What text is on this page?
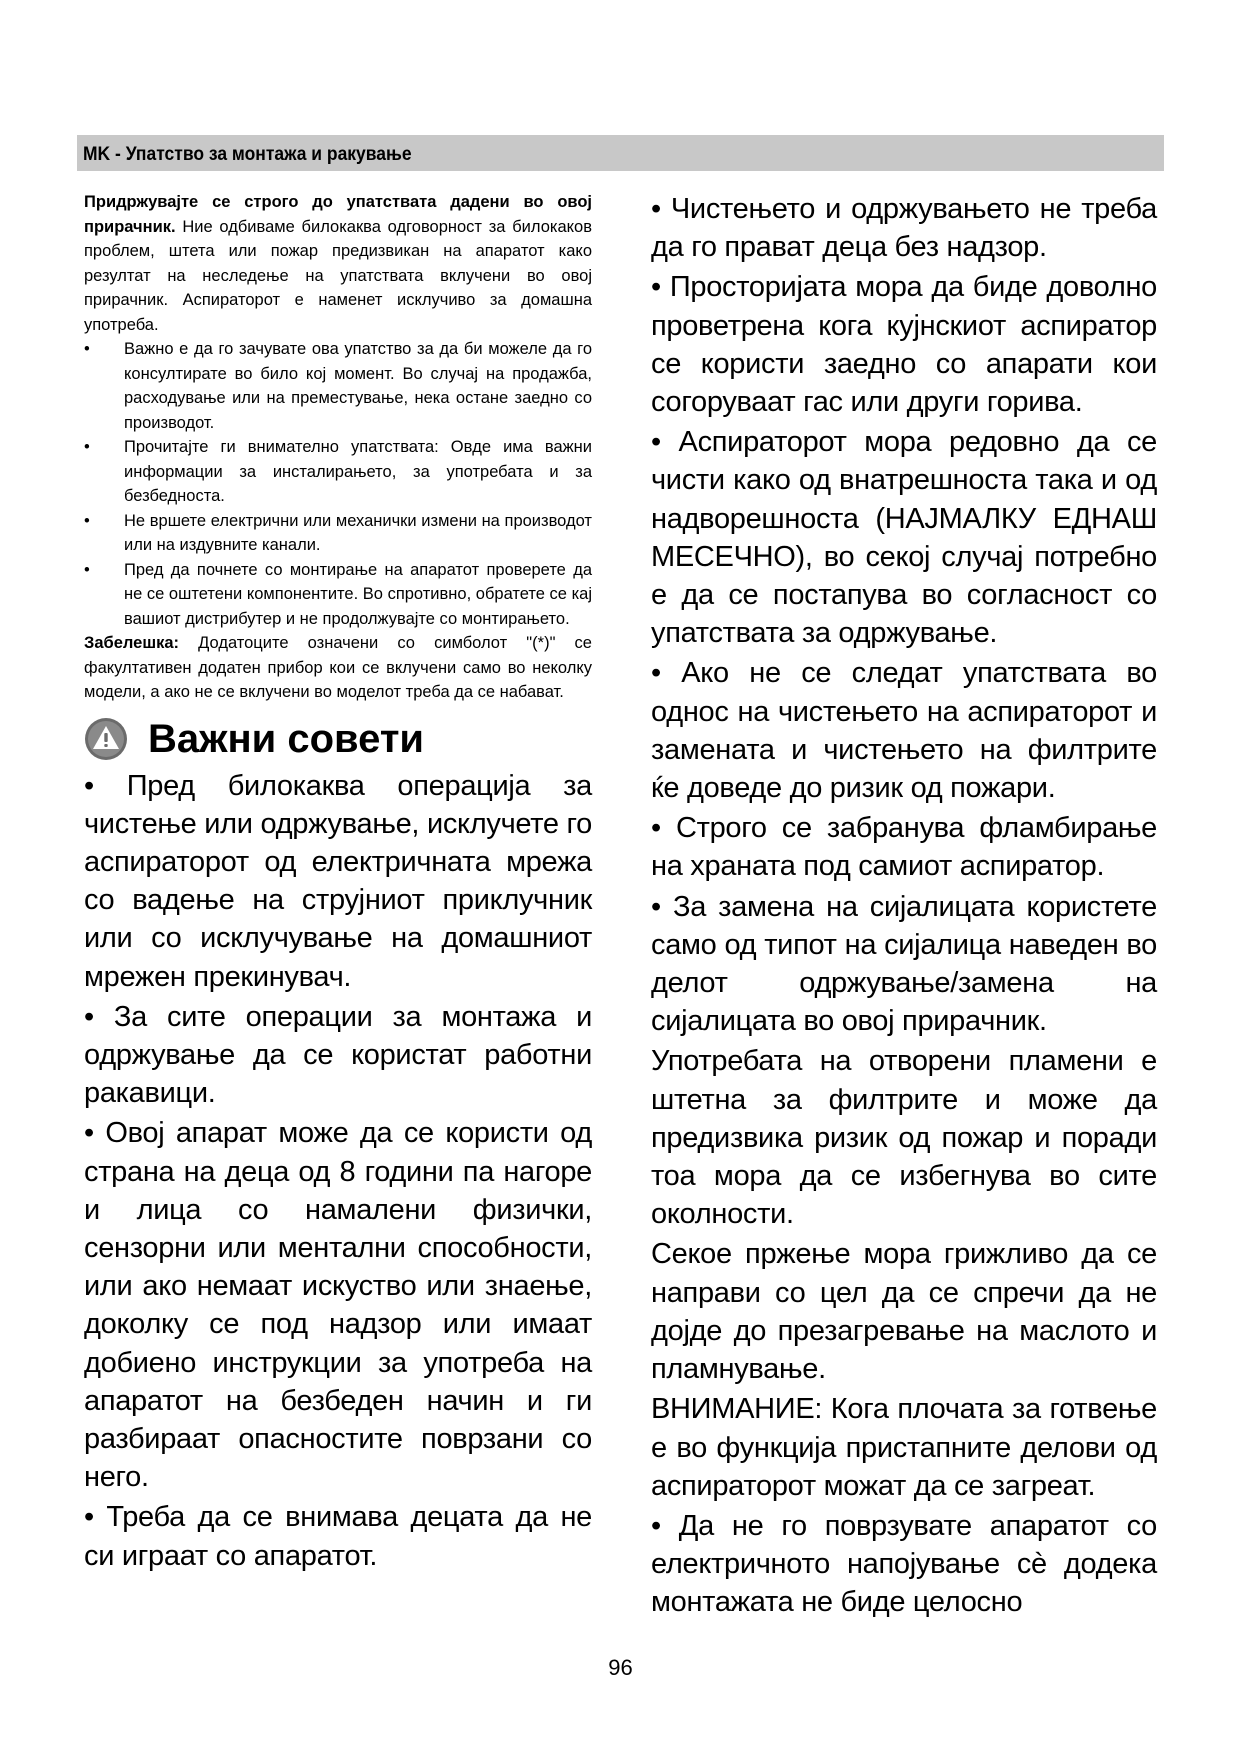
MK - Упатство за монтажа и ракување

Придржувајте се строго до упатствата дадени во овој прирачник. Ние одбиваме билокаква одговорност за билокаков проблем, штета или пожар предизвикан на апаратот како резултат на неследење на упатствата вклучени во овој прирачник. Аспираторот е наменет исклучиво за домашна употреба.

• Важно е да го зачувате ова упатство за да би можеле да го консултирате во било кој момент. Во случај на продажба, расходување или на преместување, нека остане заедно со производот.
• Прочитајте ги внимателно упатствата: Овде има важни информации за инсталирањето, за употребата и за безбедноста.
• Не вршете електрични или механички измени на производот или на издувните канали.
• Пред да почнете со монтирање на апаратот проверете да не се оштетени компонентите. Во спротивно, обратете се кај вашиот дистрибутер и не продолжувајте со монтирањето.

Забелешка: Додатоците означени со симболот "(*)" се факултативен додатен прибор кои се вклучени само во неколку модели, а ако не се вклучени во моделот треба да се набават.

Важни совети

• Пред билокаква операција за чистење или одржување, исклучете го аспираторот од електричната мрежа со вадење на струјниот приклучник или со исклучување на домашниот мрежен прекинувач.

• За сите операции за монтажа и одржување да се користат работни ракавици.

• Овој апарат може да се користи од страна на деца од 8 години па нагоре и лица со намалени физички, сензорни или ментални способности, или ако немаат искуство или знаење, доколку се под надзор или имаат добиено инструкции за употреба на апаратот на безбеден начин и ги разбираат опасностите поврзани со него.

• Треба да се внимава децата да не си играат со апаратот.

• Чистењето и одржувањето не треба да го прават деца без надзор.

• Просторијата мора да биде доволно проветрена кога кујнскиот аспиратор се користи заедно со апарати кои согоруваат гас или други горива.

• Аспираторот мора редовно да се чисти како од внатрешноста така и од надворешноста (НАЈМАЛКУ ЕДНАШ МЕСЕЧНО), во секој случај потребно е да се постапува во согласност со упатствата за одржување.

• Ако не се следат упатствата во однос на чистењето на аспираторот и замената и чистењето на филтрите ќе доведе до ризик од пожари.

• Строго се забранува фламбирање на храната под самиот аспиратор.

• За замена на сијалицата користете само од типот на сијалица наведен во делот одржување/замена на сијалицата во овој прирачник.

Употребата на отворени пламени е штетна за филтрите и може да предизвика ризик од пожар и поради тоа мора да се избегнува во сите околности.

Секое пржење мора грижливо да се направи со цел да се спречи да не дојде до презагревање на маслото и пламнување.

ВНИМАНИЕ: Кога плочата за готвење е во функција пристапните делови од аспираторот можат да се загреат.

• Да не го поврзувате апаратот со електричното напојување сè додека монтажата не биде целосно

96
